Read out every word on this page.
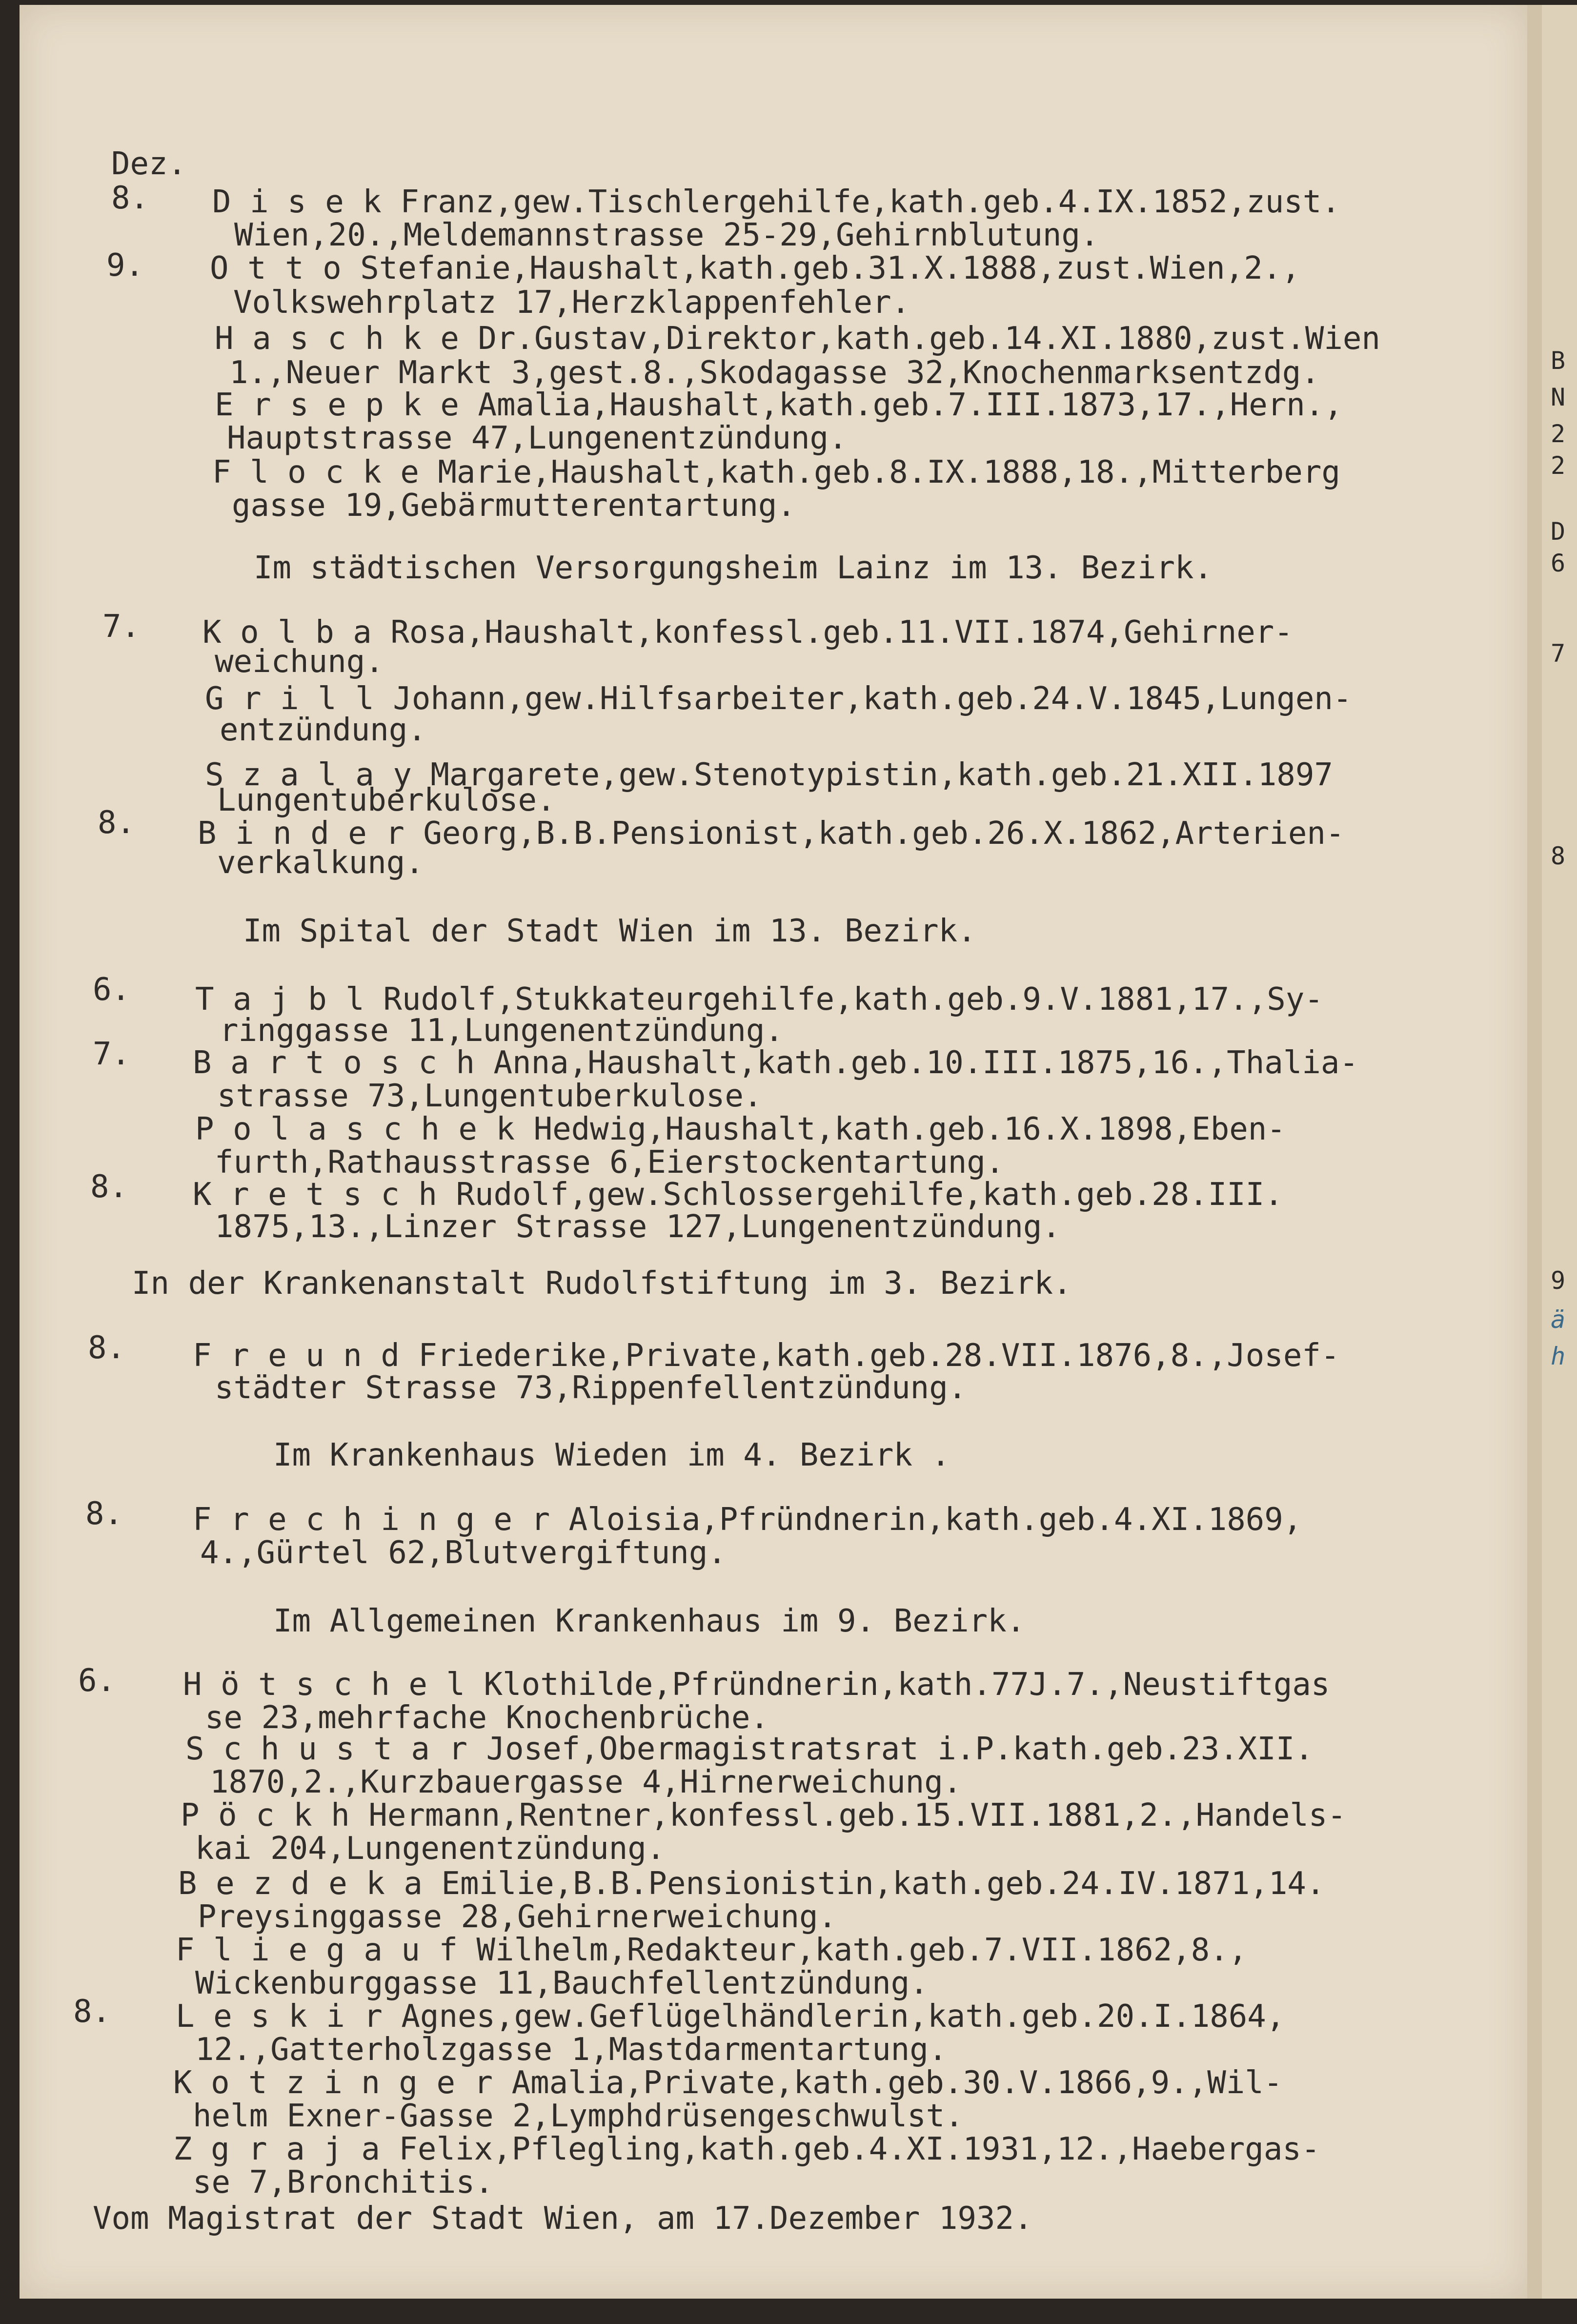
B
N
2
2
D
6
7
8
9
ä
h
Dez.
8. D i s e k Franz,gew.Tischlergehilfe,kath.geb.4.IX.1852,zust.
Wien,20.,Meldemannstrasse 25-29,Gehirnblutung.
9. O t t o Stefanie,Haushalt,kath.geb.31.X.1888,zust.Wien,2.,
Volkswehrplatz 17,Herzklappenfehler.
H a s c h k e Dr.Gustav,Direktor,kath.geb.14.XI.1880,zust.Wien
1.,Neuer Markt 3,gest.8.,Skodagasse 32,Knochenmarksentzdg.
E r s e p k e Amalia,Haushalt,kath.geb.7.III.1873,17.,Hern.,
Hauptstrasse 47,Lungenentzündung.
F l o c k e Marie,Haushalt,kath.geb.8.IX.1888,18.,Mitterberg
gasse 19,Gebärmutterentartung.
Im städtischen Versorgungsheim Lainz im 13. Bezirk.
7. K o l b a Rosa,Haushalt,konfessl.geb.11.VII.1874,Gehirner-
weichung.
G r i l l Johann,gew.Hilfsarbeiter,kath.geb.24.V.1845,Lungen-
entzündung.
S z a l a y Margarete,gew.Stenotypistin,kath.geb.21.XII.1897
Lungentuberkulose.
8. B i n d e r Georg,B.B.Pensionist,kath.geb.26.X.1862,Arterien-
verkalkung.
Im Spital der Stadt Wien im 13. Bezirk.
6. T a j b l Rudolf,Stukkateurgehilfe,kath.geb.9.V.1881,17.,Sy-
ringgasse 11,Lungenentzündung.
7. B a r t o s c h Anna,Haushalt,kath.geb.10.III.1875,16.,Thalia-
strasse 73,Lungentuberkulose.
P o l a s c h e k Hedwig,Haushalt,kath.geb.16.X.1898,Eben-
furth,Rathausstrasse 6,Eierstockentartung.
8. K r e t s c h Rudolf,gew.Schlossergehilfe,kath.geb.28.III.
1875,13.,Linzer Strasse 127,Lungenentzündung.
In der Krankenanstalt Rudolfstiftung im 3. Bezirk.
8. F r e u n d Friederike,Private,kath.geb.28.VII.1876,8.,Josef-
städter Strasse 73,Rippenfellentzündung.
Im Krankenhaus Wieden im 4. Bezirk .
8. F r e c h i n g e r Aloisia,Pfründnerin,kath.geb.4.XI.1869,
4.,Gürtel 62,Blutvergiftung.
Im Allgemeinen Krankenhaus im 9. Bezirk.
6. H ö t s c h e l Klothilde,Pfründnerin,kath.77J.7.,Neustiftgas
se 23,mehrfache Knochenbrüche.
S c h u s t a r Josef,Obermagistratsrat i.P.kath.geb.23.XII.
1870,2.,Kurzbauergasse 4,Hirnerweichung.
P ö c k h Hermann,Rentner,konfessl.geb.15.VII.1881,2.,Handels-
kai 204,Lungenentzündung.
B e z d e k a Emilie,B.B.Pensionistin,kath.geb.24.IV.1871,14.
Preysinggasse 28,Gehirnerweichung.
F l i e g a u f Wilhelm,Redakteur,kath.geb.7.VII.1862,8.,
Wickenburggasse 11,Bauchfellentzündung.
8. L e s k i r Agnes,gew.Geflügelhändlerin,kath.geb.20.I.1864,
12.,Gatterholzgasse 1,Mastdarmentartung.
K o t z i n g e r Amalia,Private,kath.geb.30.V.1866,9.,Wil-
helm Exner-Gasse 2,Lymphdrüsengeschwulst.
Z g r a j a Felix,Pflegling,kath.geb.4.XI.1931,12.,Haebergas-
se 7,Bronchitis.
Vom Magistrat der Stadt Wien, am 17.Dezember 1932.
